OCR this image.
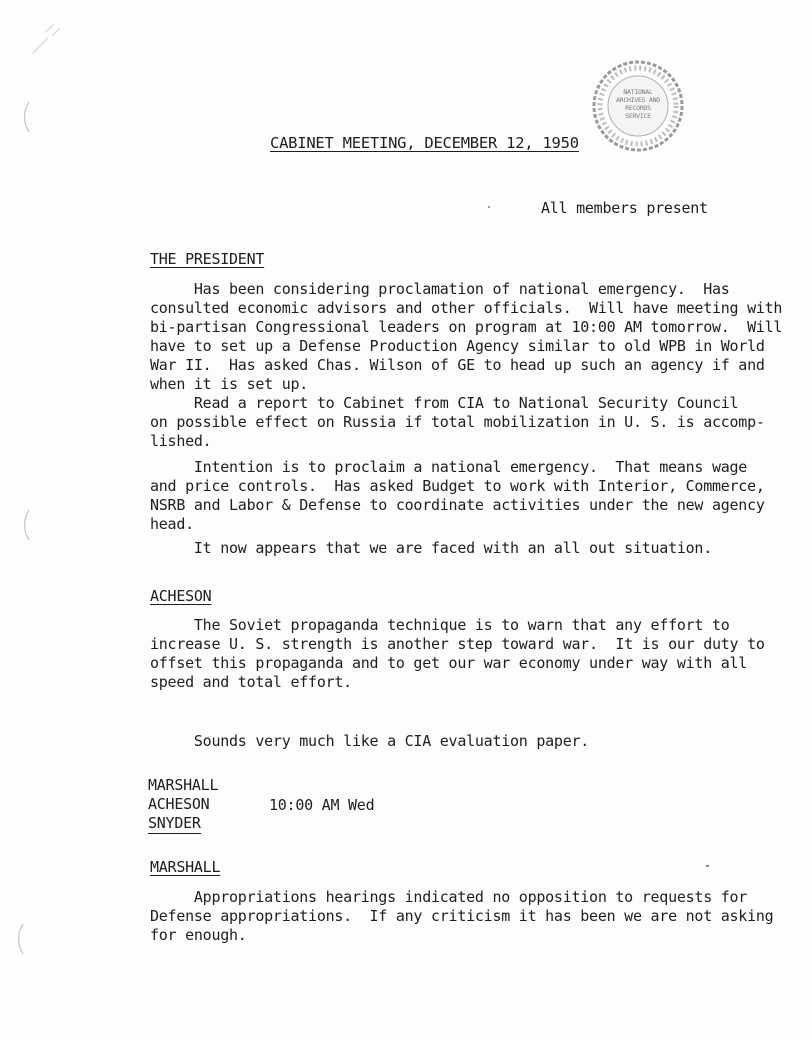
NATIONAL
ARCHIVES AND
RECORDS
SERVICE
CABINET MEETING, DECEMBER 12, 1950
All members present
THE PRESIDENT
Has been considering proclamation of national emergency.  Has
consulted economic advisors and other officials.  Will have meeting with
bi-partisan Congressional leaders on program at 10:00 AM tomorrow.  Will
have to set up a Defense Production Agency similar to old WPB in World
War II.  Has asked Chas. Wilson of GE to head up such an agency if and
when it is set up.
Read a report to Cabinet from CIA to National Security Council
on possible effect on Russia if total mobilization in U. S. is accomp-
lished.
Intention is to proclaim a national emergency.  That means wage
and price controls.  Has asked Budget to work with Interior, Commerce,
NSRB and Labor & Defense to coordinate activities under the new agency
head.
It now appears that we are faced with an all out situation.
ACHESON
The Soviet propaganda technique is to warn that any effort to
increase U. S. strength is another step toward war.  It is our duty to
offset this propaganda and to get our war economy under way with all
speed and total effort.
Sounds very much like a CIA evaluation paper.
MARSHALL
ACHESON
SNYDER
10:00 AM Wed
MARSHALL
Appropriations hearings indicated no opposition to requests for
Defense appropriations.  If any criticism it has been we are not asking
for enough.
